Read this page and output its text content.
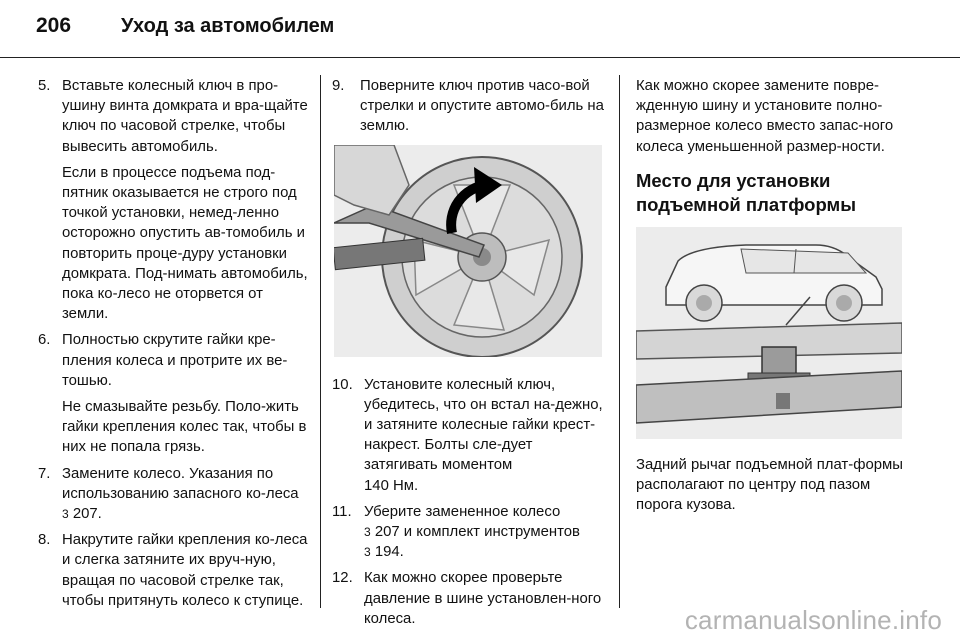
206	Уход за автомобилем
5. Вставьте колесный ключ в про-ушину винта домкрата и вра-щайте ключ по часовой стрелке, чтобы вывесить автомобиль.

Если в процессе подъема под-пятник оказывается не строго под точкой установки, немед-ленно осторожно опустить ав-томобиль и повторить проце-дуру установки домкрата. Под-нимать автомобиль, пока ко-лесо не оторвется от земли.

6. Полностью скрутите гайки кре-пления колеса и протрите их ве-тошью.

Не смазывайте резьбу. Поло-жить гайки крепления колес так, чтобы в них не попала грязь.

7. Замените колесо. Указания по использованию запасного ко-леса 3 207.

8. Накрутите гайки крепления ко-леса и слегка затяните их вруч-ную, вращая по часовой стрелке так, чтобы притянуть колесо к ступице.

9.	Поверните ключ против часо-вой стрелки и опустите автомо-биль на землю.

10. Установите колесный ключ, убедитесь, что он встал на-дежно, и затяните колесные гайки крест-накрест. Болты сле-дует затягивать моментом
140 Нм.

11. Уберите замененное колесо
3 207 и комплект инструментов
3 194.

12. Как можно скорее проверьте давление в шине установлен-ного колеса.

Как можно скорее замените повре-жденную шину и установите полно-размерное колесо вместо запас-ного колеса уменьшенной размер-ности.

Место для установки подъемной платформы

Задний рычаг подъемной плат-формы располагают по центру под пазом порога кузова.

carmanualsonline.info
